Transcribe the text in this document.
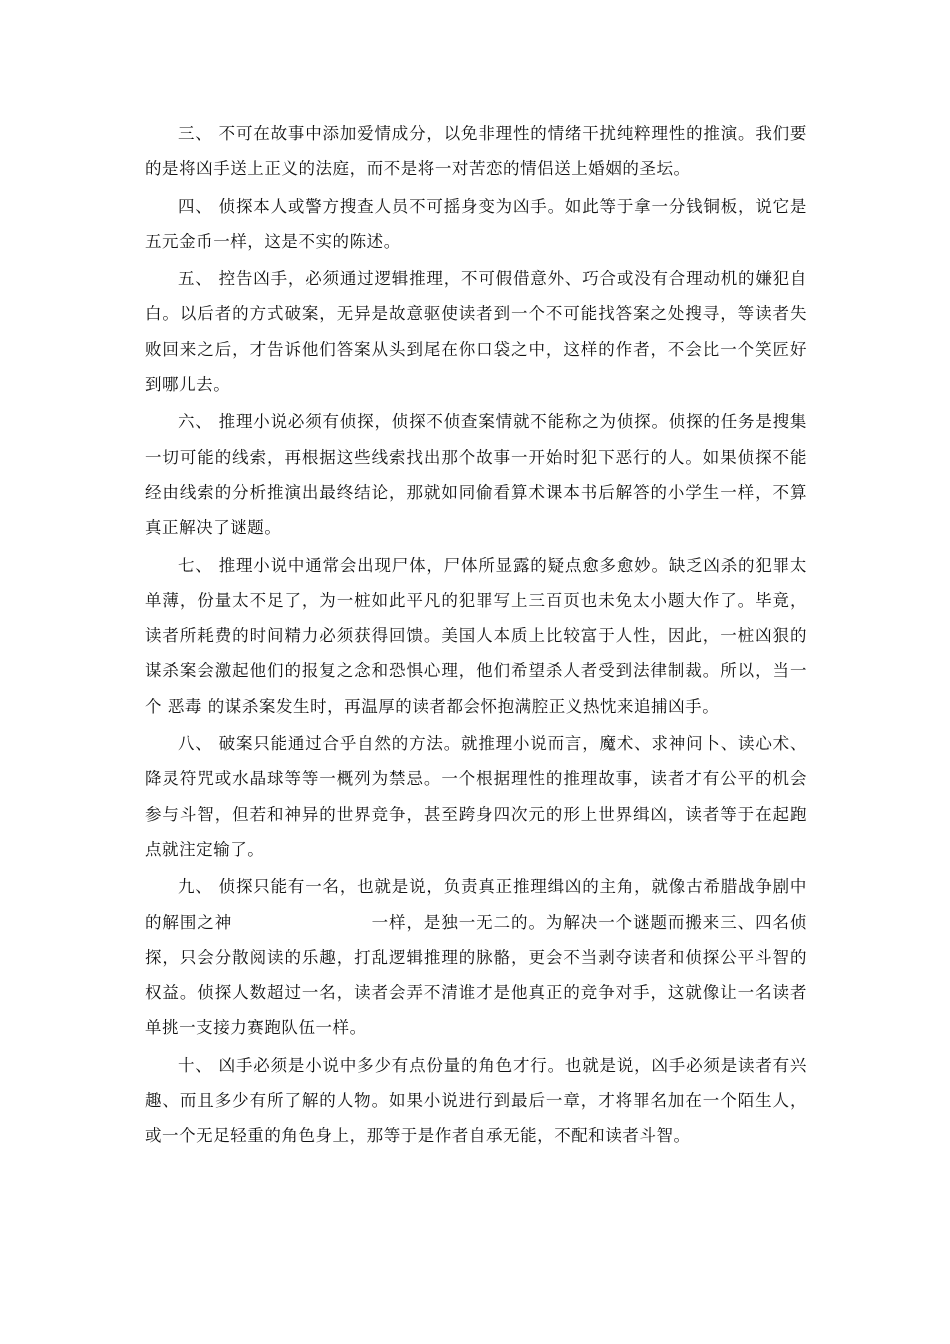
三、 不可在故事中添加爱情成分，以免非理性的情绪干扰纯粹理性的推演。我们要的是将凶手送上正义的法庭，而不是将一对苦恋的情侣送上婚姻的圣坛。

四、 侦探本人或警方搜查人员不可摇身变为凶手。如此等于拿一分钱铜板，说它是五元金币一样，这是不实的陈述。

五、 控告凶手，必须通过逻辑推理，不可假借意外、巧合或没有合理动机的嫌犯自白。以后者的方式破案，无异是故意驱使读者到一个不可能找答案之处搜寻，等读者失败回来之后，才告诉他们答案从头到尾在你口袋之中，这样的作者，不会比一个笑匠好到哪儿去。

六、 推理小说必须有侦探，侦探不侦查案情就不能称之为侦探。侦探的任务是搜集一切可能的线索，再根据这些线索找出那个故事一开始时犯下恶行的人。如果侦探不能经由线索的分析推演出最终结论，那就如同偷看算术课本书后解答的小学生一样，不算真正解决了谜题。

七、 推理小说中通常会出现尸体，尸体所显露的疑点愈多愈妙。缺乏凶杀的犯罪太单薄，份量太不足了，为一桩如此平凡的犯罪写上三百页也未免太小题大作了。毕竟，读者所耗费的时间精力必须获得回馈。美国人本质上比较富于人性，因此，一桩凶狠的谋杀案会激起他们的报复之念和恐惧心理，他们希望杀人者受到法律制裁。所以，当一个 恶毒 的谋杀案发生时，再温厚的读者都会怀抱满腔正义热忱来追捕凶手。

八、 破案只能通过合乎自然的方法。就推理小说而言，魔术、求神问卜、读心术、降灵符咒或水晶球等等一概列为禁忌。一个根据理性的推理故事，读者才有公平的机会参与斗智，但若和神异的世界竞争，甚至跨身四次元的形上世界缉凶，读者等于在起跑点就注定输了。

九、 侦探只能有一名，也就是说，负责真正推理缉凶的主角，就像古希腊战争剧中的解围之神　　　　　　　　一样，是独一无二的。为解决一个谜题而搬来三、四名侦探，只会分散阅读的乐趣，打乱逻辑推理的脉骼，更会不当剥夺读者和侦探公平斗智的权益。侦探人数超过一名，读者会弄不清谁才是他真正的竞争对手，这就像让一名读者单挑一支接力赛跑队伍一样。

十、 凶手必须是小说中多少有点份量的角色才行。也就是说，凶手必须是读者有兴趣、而且多少有所了解的人物。如果小说进行到最后一章，才将罪名加在一个陌生人，或一个无足轻重的角色身上，那等于是作者自承无能，不配和读者斗智。
